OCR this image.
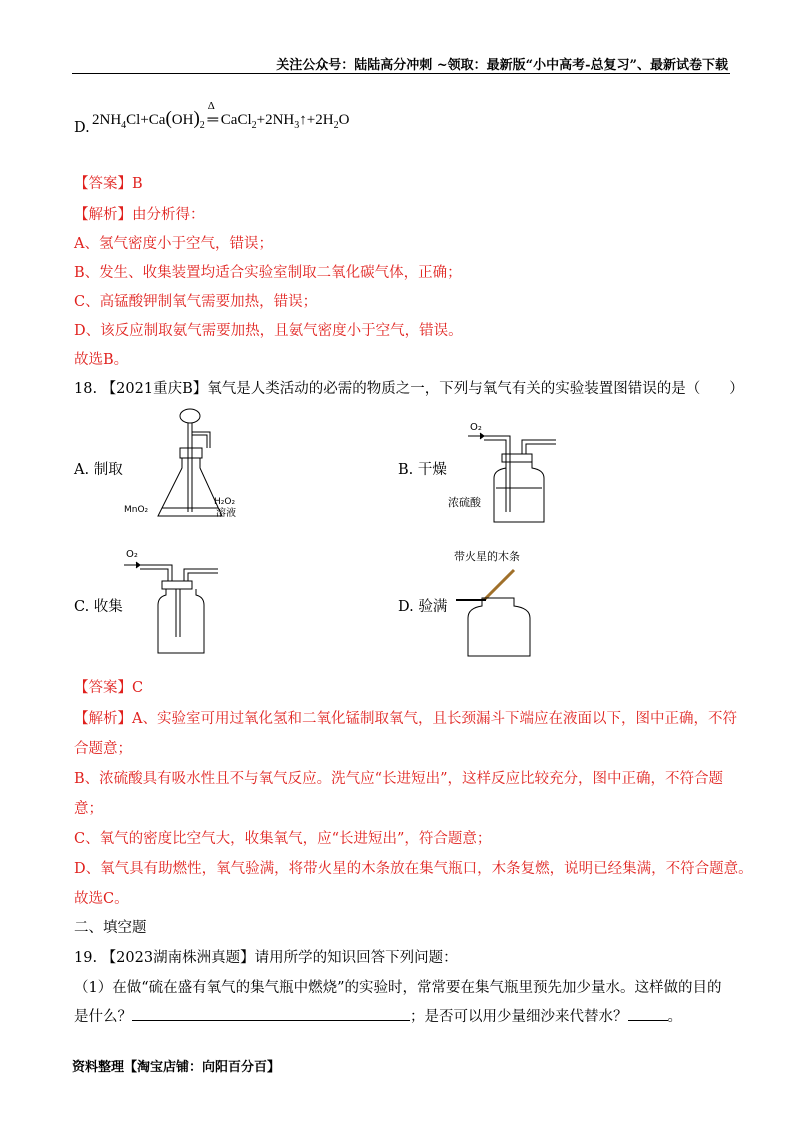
关注公众号：陆陆高分冲刺 ~领取：最新版“小中高考-总复习”、最新试卷下载
D. $2NH_4Cl+Ca(OH)_2$
Δ
═ $CaCl_2+2NH_3↑+2H_2O$
【答案】B
【解析】由分析得：
A、氢气密度小于空气，错误；
B、发生、收集装置均适合实验室制取二氧化碳气体，正确；
C、高锰酸钾制氧气需要加热，错误；
D、该反应制取氨气需要加热，且氨气密度小于空气，错误。
故选B。
18. 【2021重庆B】氧气是人类活动的必需的物质之一，下列与氧气有关的实验装置图错误的是（　　）
A. 制取	B. 干燥
C. 收集	D. 验满
MnO₂
H₂O₂
溶液
O₂
浓硫酸
O₂	带火星的木条
【答案】C
【解析】A、实验室可用过氧化氢和二氧化锰制取氧气，且长颈漏斗下端应在液面以下，图中正确，不符
合题意；
B、浓硫酸具有吸水性且不与氧气反应。洗气应“长进短出”，这样反应比较充分，图中正确，不符合题
意；
C、氧气的密度比空气大，收集氧气，应“长进短出”，符合题意；
D、氧气具有助燃性，氧气验满，将带火星的木条放在集气瓶口，木条复燃，说明已经集满，不符合题意。
故选C。
二、填空题
19. 【2023湖南株洲真题】请用所学的知识回答下列问题：
（1）在做“硫在盛有氧气的集气瓶中燃烧”的实验时，常常要在集气瓶里预先加少量水。这样做的目的
是什么？	；是否可以用少量细沙来代替水？	。
资料整理【淘宝店铺：向阳百分百】
